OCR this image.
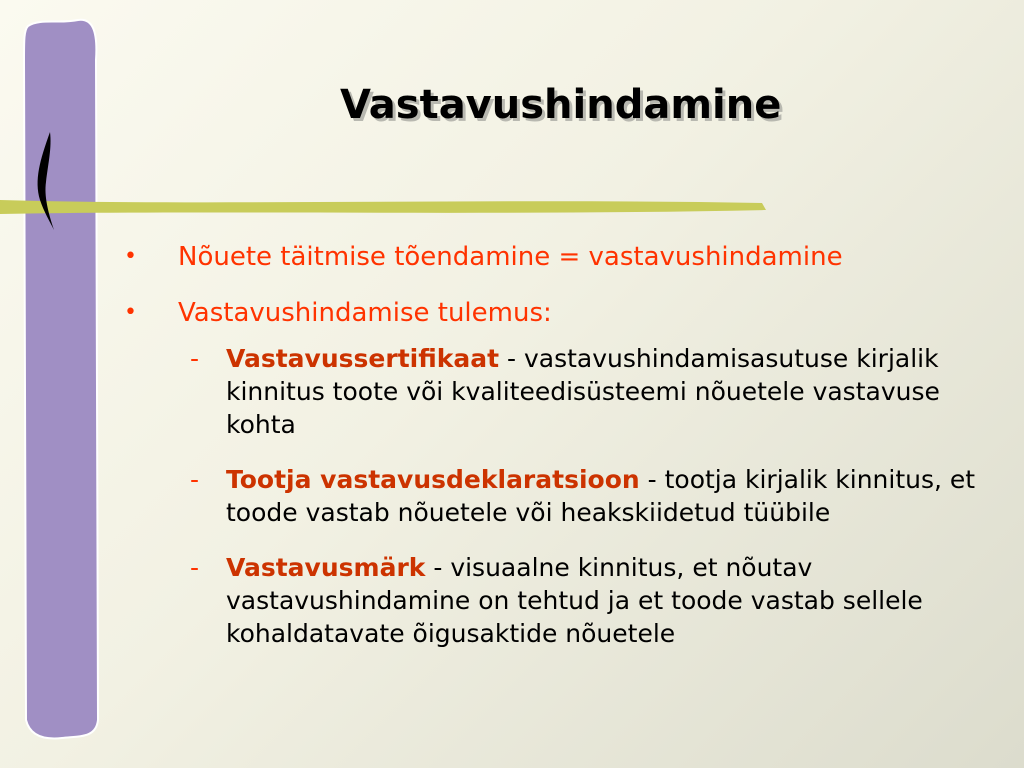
Vastavushindamine
• Nõuete täitmise tõendamine = vastavushindamine
• Vastavushindamise tulemus:
- Vastavussertifikaat - vastavushindamisasutuse kirjalik kinnitus toote või kvaliteedisüsteemi nõuetele vastavuse kohta
- Tootja vastavusdeklaratsioon - tootja kirjalik kinnitus, et toode vastab nõuetele või heakskiidetud tüübile
- Vastavusmärk - visuaalne kinnitus, et nõutav vastavushindamine on tehtud ja et toode vastab sellele kohaldatavate õigusaktide nõuetele
